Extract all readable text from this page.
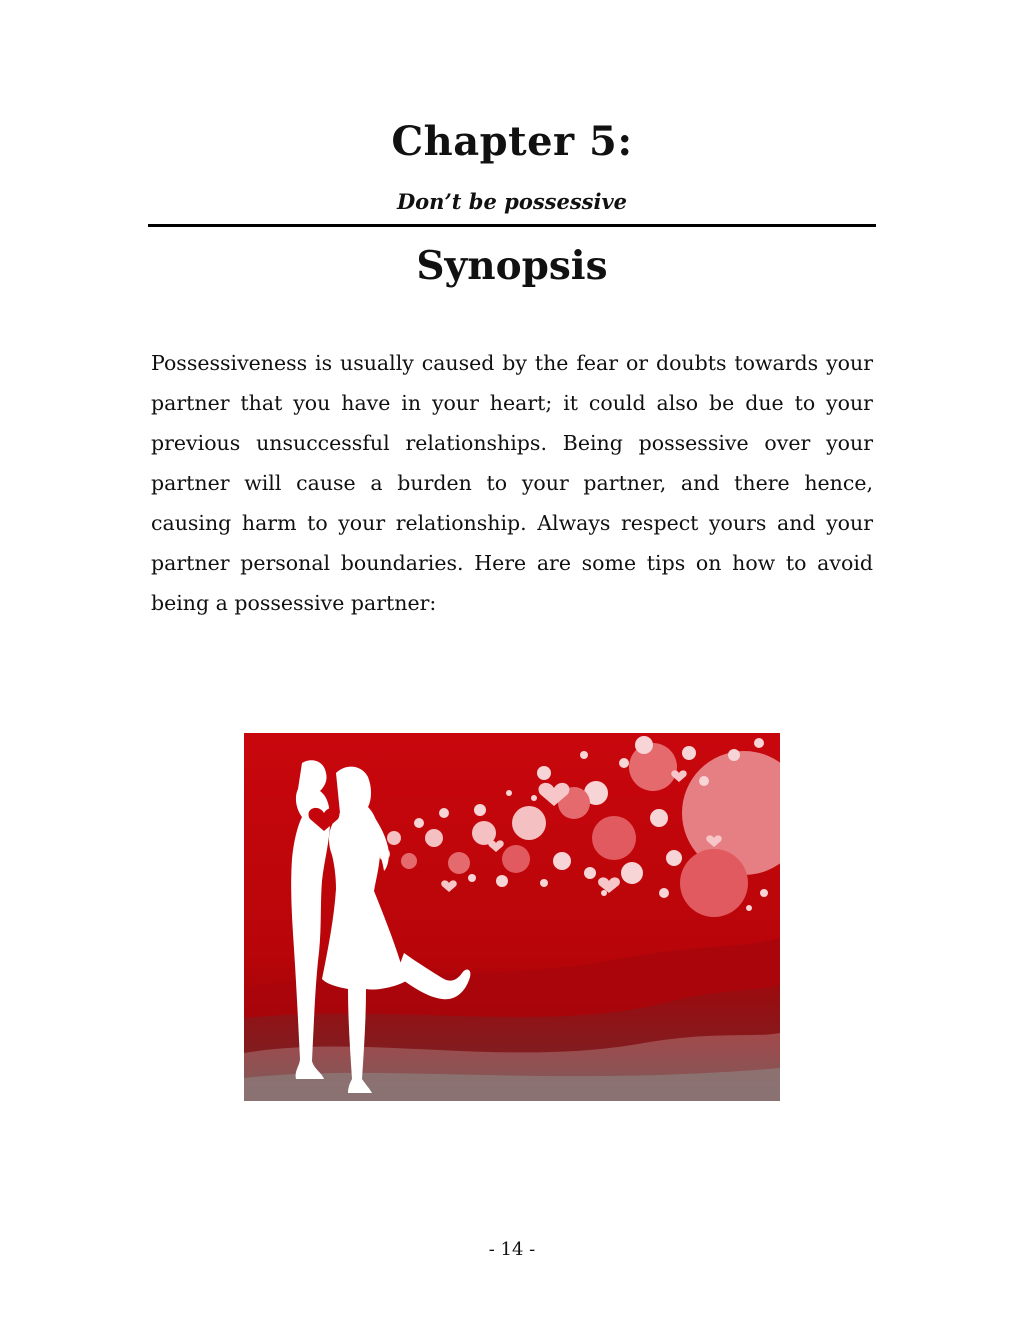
Chapter 5:
Don’t be possessive
Synopsis

Possessiveness is usually caused by the fear or doubts towards your partner that you have in your heart; it could also be due to your previous unsuccessful relationships. Being possessive over your partner will cause a burden to your partner, and there hence, causing harm to your relationship. Always respect yours and your partner personal boundaries. Here are some tips on how to avoid being a possessive partner:

- 14 -
